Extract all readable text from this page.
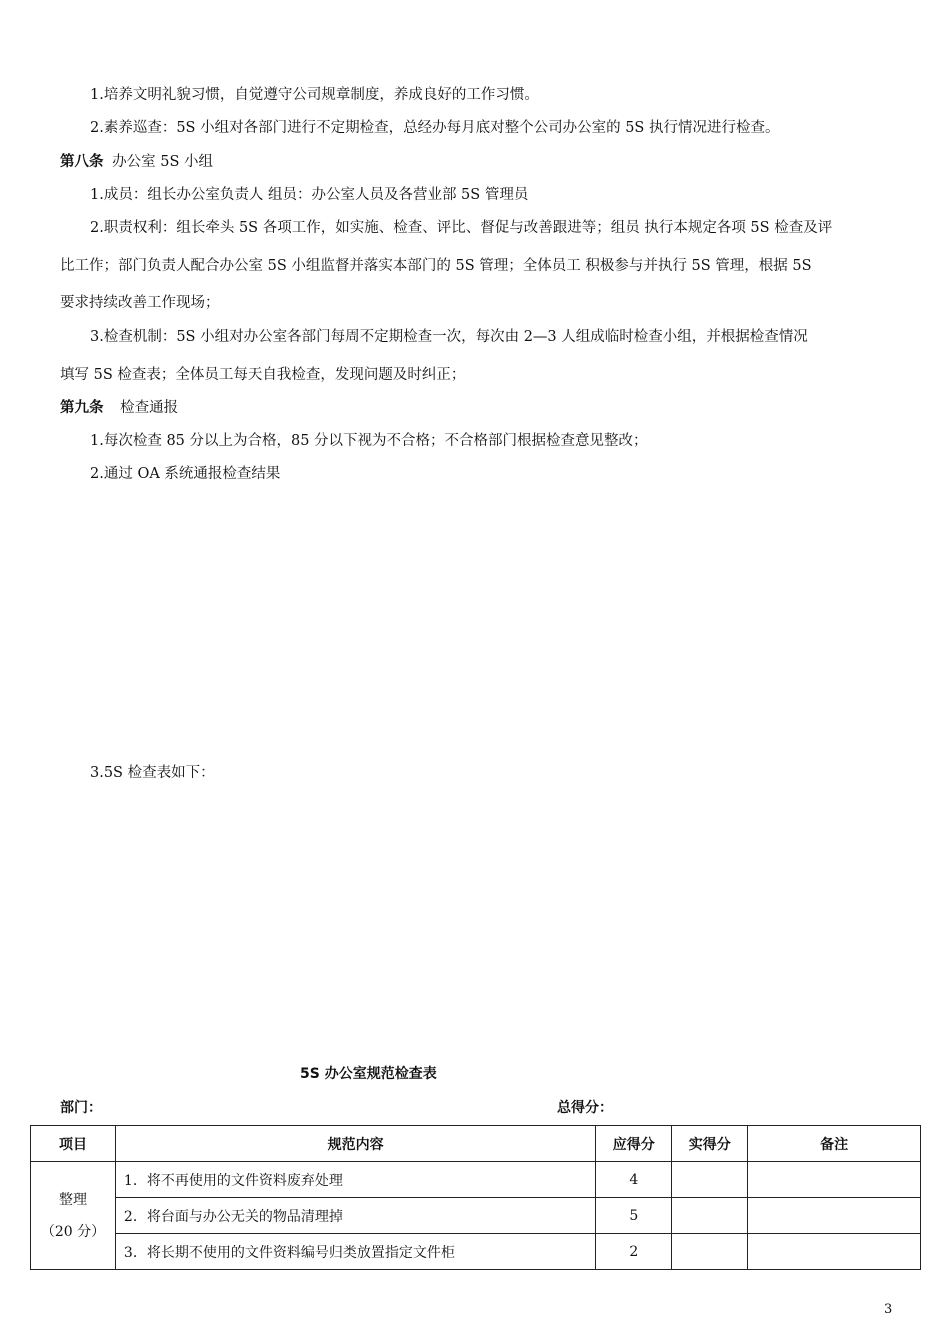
1.培养文明礼貌习惯，自觉遵守公司规章制度，养成良好的工作习惯。
2.素养巡查：5S 小组对各部门进行不定期检查，总经办每月底对整个公司办公室的 5S 执行情况进行检查。
第八条 办公室 5S 小组
1.成员：组长办公室负责人 组员：办公室人员及各营业部 5S 管理员
2.职责权利：组长牵头 5S 各项工作，如实施、检查、评比、督促与改善跟进等；组员 执行本规定各项 5S 检查及评
比工作；部门负责人配合办公室 5S 小组监督并落实本部门的 5S 管理；全体员工 积极参与并执行 5S 管理，根据 5S
要求持续改善工作现场；
3.检查机制：5S 小组对办公室各部门每周不定期检查一次，每次由 2—3 人组成临时检查小组，并根据检查情况
填写 5S 检查表；全体员工每天自我检查，发现问题及时纠正；
第九条 检查通报
1.每次检查 85 分以上为合格，85 分以下视为不合格；不合格部门根据检查意见整改；
2.通过 OA 系统通报检查结果
3.5S 检查表如下：
5S 办公室规范检查表
部门：	总得分：
项目	规范内容	应得分	实得分	备注

整理
（20 分）	1．将不再使用的文件资料废弃处理	4		
	2．将台面与办公无关的物品清理掉	5		
	3．将长期不使用的文件资料编号归类放置指定文件柜	2		
3
